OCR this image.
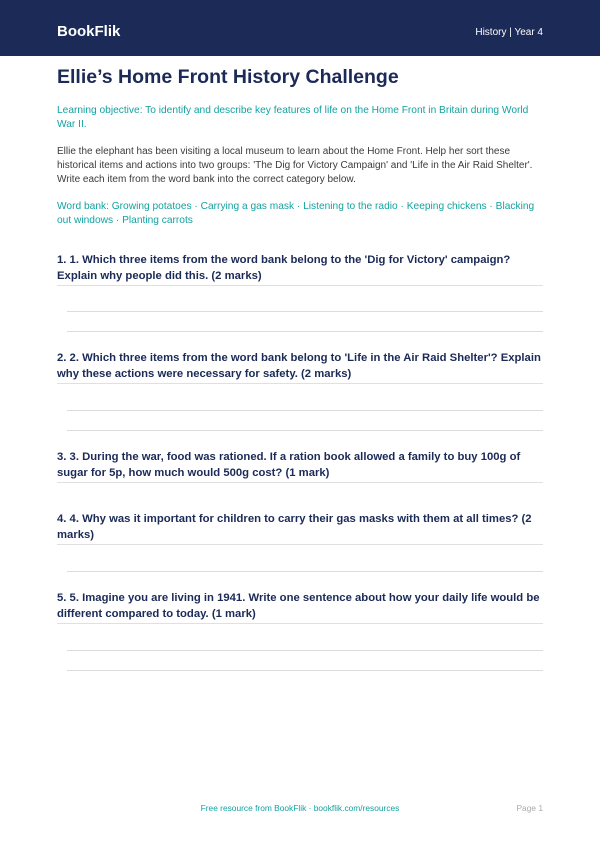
BookFlik	History | Year 4
Ellie’s Home Front History Challenge

Learning objective: To identify and describe key features of life on the Home Front in Britain during World War II.

Ellie the elephant has been visiting a local museum to learn about the Home Front. Help her sort these historical items and actions into two groups: 'The Dig for Victory Campaign' and 'Life in the Air Raid Shelter'. Write each item from the word bank into the correct category below.

Word bank: Growing potatoes · Carrying a gas mask · Listening to the radio · Keeping chickens · Blacking out windows · Planting carrots

1. 1. Which three items from the word bank belong to the 'Dig for Victory' campaign? Explain why people did this. (2 marks)
2. 2. Which three items from the word bank belong to 'Life in the Air Raid Shelter'? Explain why these actions were necessary for safety. (2 marks)
3. 3. During the war, food was rationed. If a ration book allowed a family to buy 100g of sugar for 5p, how much would 500g cost? (1 mark)
4. 4. Why was it important for children to carry their gas masks with them at all times? (2 marks)
5. 5. Imagine you are living in 1941. Write one sentence about how your daily life would be different compared to today. (1 mark)
Free resource from BookFlik · bookflik.com/resources	Page 1
